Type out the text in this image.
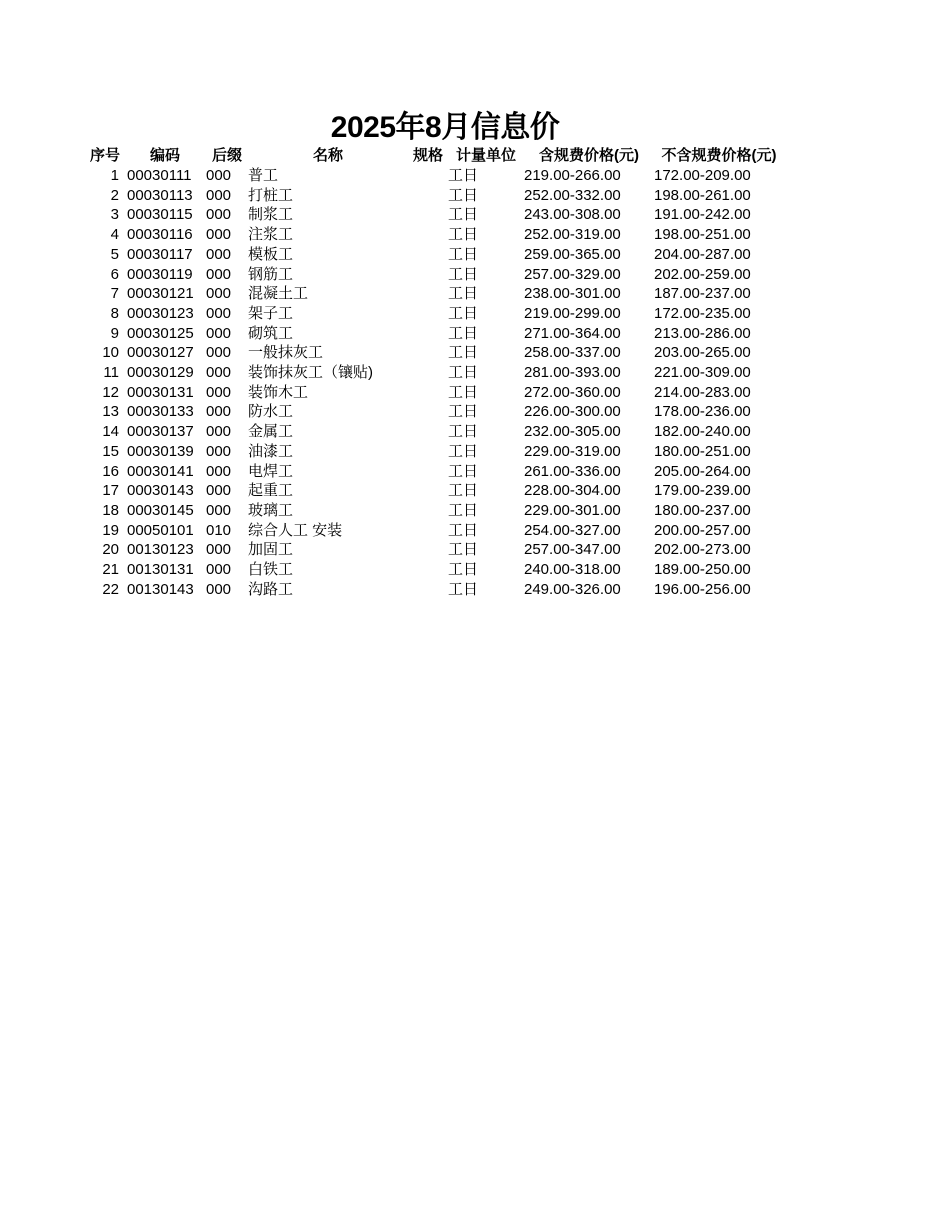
2025年8月信息价
序号	编码	后缀	名称	规格	计量单位	含规费价格(元)	不含规费价格(元)
1	00030111	000	普工		工日	219.00-266.00	172.00-209.00
2	00030113	000	打桩工		工日	252.00-332.00	198.00-261.00
3	00030115	000	制浆工		工日	243.00-308.00	191.00-242.00
4	00030116	000	注浆工		工日	252.00-319.00	198.00-251.00
5	00030117	000	模板工		工日	259.00-365.00	204.00-287.00
6	00030119	000	钢筋工		工日	257.00-329.00	202.00-259.00
7	00030121	000	混凝土工		工日	238.00-301.00	187.00-237.00
8	00030123	000	架子工		工日	219.00-299.00	172.00-235.00
9	00030125	000	砌筑工		工日	271.00-364.00	213.00-286.00
10	00030127	000	一般抹灰工		工日	258.00-337.00	203.00-265.00
11	00030129	000	装饰抹灰工（镶贴)		工日	281.00-393.00	221.00-309.00
12	00030131	000	装饰木工		工日	272.00-360.00	214.00-283.00
13	00030133	000	防水工		工日	226.00-300.00	178.00-236.00
14	00030137	000	金属工		工日	232.00-305.00	182.00-240.00
15	00030139	000	油漆工		工日	229.00-319.00	180.00-251.00
16	00030141	000	电焊工		工日	261.00-336.00	205.00-264.00
17	00030143	000	起重工		工日	228.00-304.00	179.00-239.00
18	00030145	000	玻璃工		工日	229.00-301.00	180.00-237.00
19	00050101	010	综合人工 安装		工日	254.00-327.00	200.00-257.00
20	00130123	000	加固工		工日	257.00-347.00	202.00-273.00
21	00130131	000	白铁工		工日	240.00-318.00	189.00-250.00
22	00130143	000	沟路工		工日	249.00-326.00	196.00-256.00
